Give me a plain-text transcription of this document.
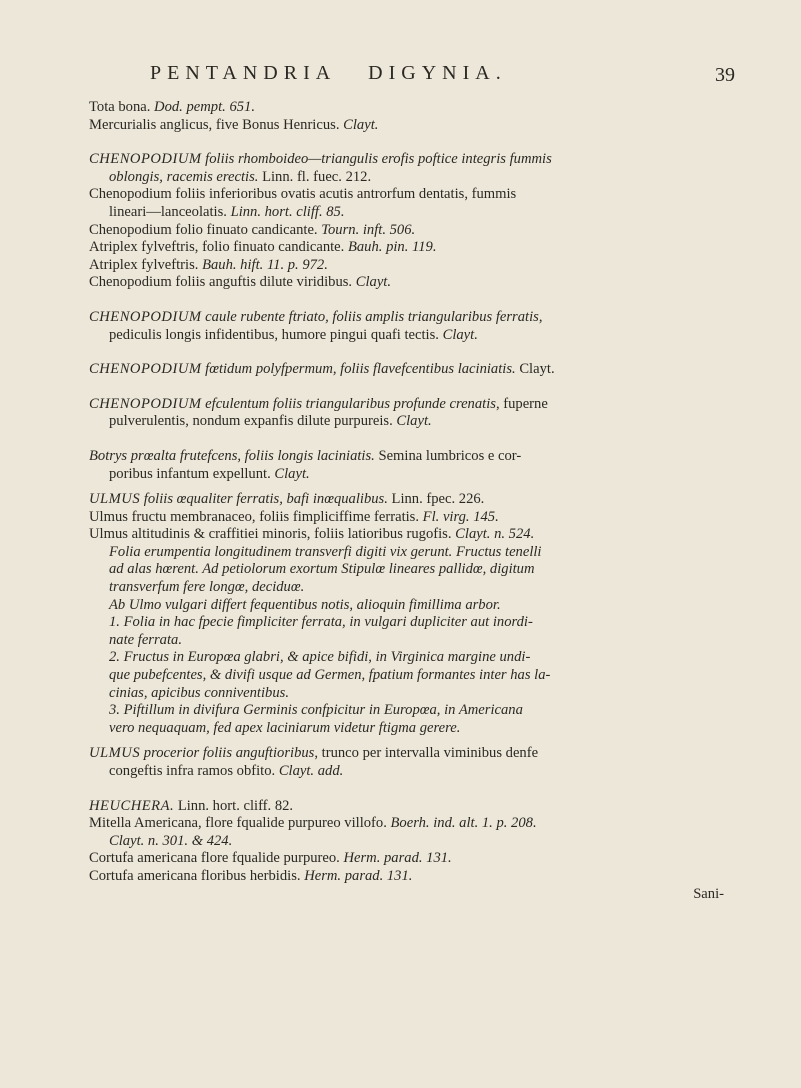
PENTANDRIA DIGYNIA.	39

Tota bona. Dod. pempt. 651.

Mercurialis anglicus, five Bonus Henricus. Clayt.

CHENOPODIUM foliis rhomboideo—triangulis erofis poftice integris fummis

oblongis, racemis erectis. Linn. fl. fuec. 212.

Chenopodium foliis inferioribus ovatis acutis antrorfum dentatis, fummis

lineari—lanceolatis. Linn. hort. cliff. 85.

Chenopodium folio finuato candicante. Tourn. inft. 506.

Atriplex fylveftris, folio finuato candicante. Bauh. pin. 119.

Atriplex fylveftris. Bauh. hift. 11. p. 972.

Chenopodium foliis anguftis dilute viridibus. Clayt.

CHENOPODIUM caule rubente ftriato, foliis amplis triangularibus ferratis,

pediculis longis infidentibus, humore pingui quafi tectis. Clayt.

CHENOPODIUM fœtidum polyfpermum, foliis flavefcentibus laciniatis. Clayt.

CHENOPODIUM efculentum foliis triangularibus profunde crenatis, fuperne

pulverulentis, nondum expanfis dilute purpureis. Clayt.

Botrys prœalta frutefcens, foliis longis laciniatis. Semina lumbricos e cor-

poribus infantum expellunt. Clayt.

ULMUS foliis œqualiter ferratis, bafi inœqualibus. Linn. fpec. 226.

Ulmus fructu membranaceo, foliis fimpliciffime ferratis. Fl. virg. 145.

Ulmus altitudinis & craffitiei minoris, foliis latioribus rugofis. Clayt. n. 524.

Folia erumpentia longitudinem transverfi digiti vix gerunt. Fructus tenelli

ad alas hœrent. Ad petiolorum exortum Stipulœ lineares pallidœ, digitum

transverfum fere longœ, deciduœ.

Ab Ulmo vulgari differt fequentibus notis, alioquin fimillima arbor.

1. Folia in hac fpecie fimpliciter ferrata, in vulgari dupliciter aut inordi-

nate ferrata.

2. Fructus in Europœa glabri, & apice bifidi, in Virginica margine undi-

que pubefcentes, & divifi usque ad Germen, fpatium formantes inter has la-

cinias, apicibus conniventibus.

3. Piftillum in divifura Germinis confpicitur in Europœa, in Americana

vero nequaquam, fed apex laciniarum videtur ftigma gerere.

ULMUS procerior foliis anguftioribus, trunco per intervalla viminibus denfe

congeftis infra ramos obfito. Clayt. add.

HEUCHERA. Linn. hort. cliff. 82.

Mitella Americana, flore fqualide purpureo villofo. Boerh. ind. alt. 1. p. 208.

Clayt. n. 301. & 424.

Cortufa americana flore fqualide purpureo. Herm. parad. 131.

Cortufa americana floribus herbidis. Herm. parad. 131.

Sani-
